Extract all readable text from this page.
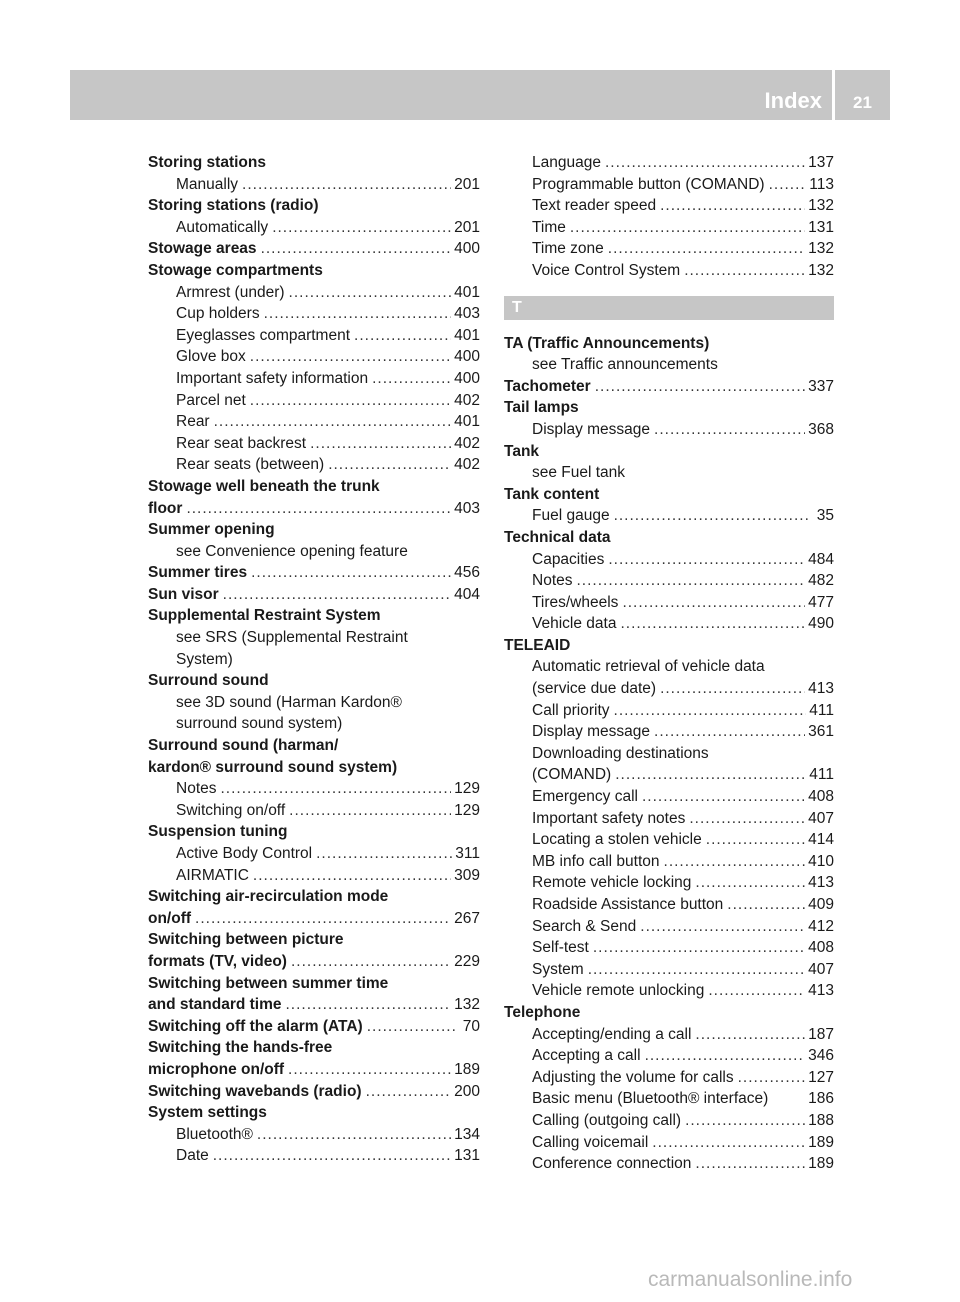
Index	21
Storing stations
Manually .....	201
Storing stations (radio)
Automatically .....	201
Stowage areas .....	400
Stowage compartments
Armrest (under) .....	401
Cup holders .....	403
Eyeglasses compartment .....	401
Glove box .....	400
Important safety information .....	400
Parcel net .....	402
Rear .....	401
Rear seat backrest .....	402
Rear seats (between) .....	402
Stowage well beneath the trunk
floor .....	403
Summer opening
see Convenience opening feature
Summer tires .....	456
Sun visor .....	404
Supplemental Restraint System
see SRS (Supplemental Restraint
System)
Surround sound
see 3D sound (Harman Kardon®
surround sound system)
Surround sound (harman/
kardon® surround sound system)
Notes .....	129
Switching on/off .....	129
Suspension tuning
Active Body Control .....	311
AIRMATIC .....	309
Switching air-recirculation mode
on/off .....	267
Switching between picture
formats (TV, video) .....	229
Switching between summer time
and standard time .....	132
Switching off the alarm (ATA) .....	70
Switching the hands-free
microphone on/off .....	189
Switching wavebands (radio) .....	200
System settings
Bluetooth® .....	134
Date .....	131
Language .....	137
Programmable button (COMAND) .....	113
Text reader speed .....	132
Time .....	131
Time zone .....	132
Voice Control System .....	132
T
TA (Traffic Announcements)
see Traffic announcements
Tachometer .....	337
Tail lamps
Display message .....	368
Tank
see Fuel tank
Tank content
Fuel gauge .....	35
Technical data
Capacities .....	484
Notes .....	482
Tires/wheels .....	477
Vehicle data .....	490
TELEAID
Automatic retrieval of vehicle data
(service due date) .....	413
Call priority .....	411
Display message .....	361
Downloading destinations
(COMAND) .....	411
Emergency call .....	408
Important safety notes .....	407
Locating a stolen vehicle .....	414
MB info call button .....	410
Remote vehicle locking .....	413
Roadside Assistance button .....	409
Search & Send .....	412
Self-test .....	408
System .....	407
Vehicle remote unlocking .....	413
Telephone
Accepting/ending a call .....	187
Accepting a call .....	346
Adjusting the volume for calls .....	127
Basic menu (Bluetooth® interface)	186
Calling (outgoing call) .....	188
Calling voicemail .....	189
Conference connection .....	189
carmanualsonline.info
